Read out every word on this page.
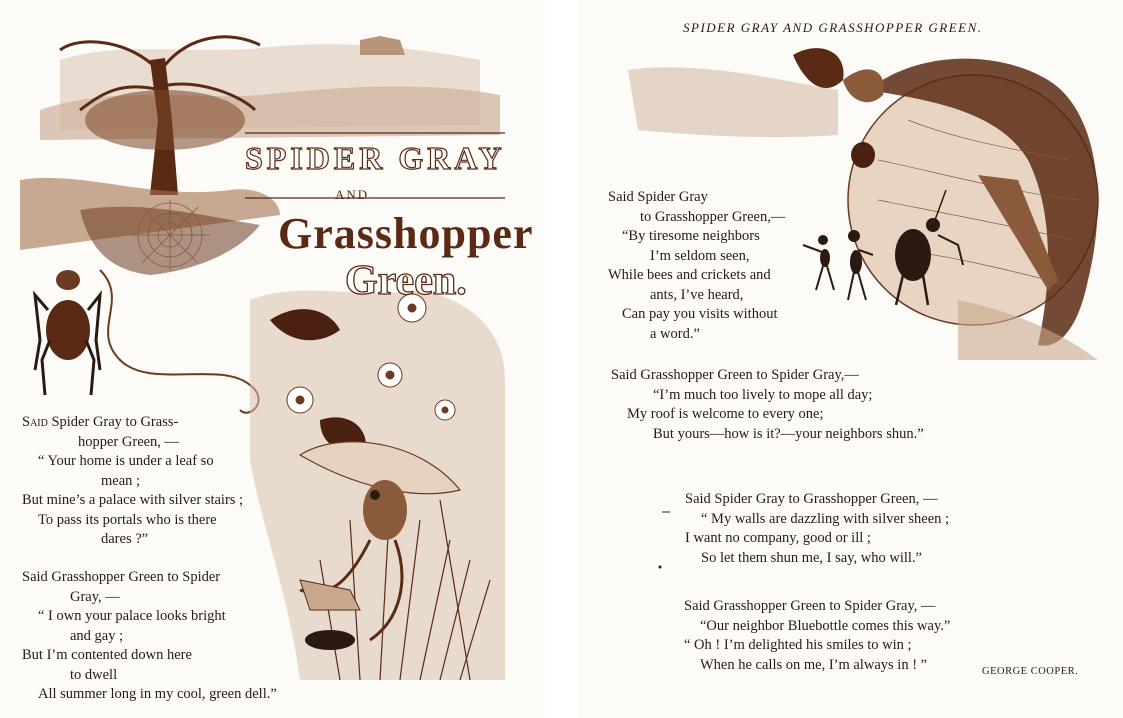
SPIDER GRAY
AND
Grasshopper
Green.
Said Spider Gray to Grass-
hopper Green, —
“ Your home is under a leaf so
mean ;
But mine’s a palace with silver stairs ;
To pass its portals who is there
dares ?”
Said Grasshopper Green to Spider
Gray, —
“ I own your palace looks bright
and gay ;
But I’m contented down here
to dwell
All summer long in my cool, green dell.”
SPIDER GRAY AND GRASSHOPPER GREEN.
Said Spider Gray
to Grasshopper Green,—
“By tiresome neighbors
I’m seldom seen,
While bees and crickets and
ants, I’ve heard,
Can pay you visits without
a word.”
Said Grasshopper Green to Spider Gray,—
“I’m much too lively to mope all day;
My roof is welcome to every one;
But yours—how is it?—your neighbors shun.”
Said Spider Gray to Grasshopper Green, —
“ My walls are dazzling with silver sheen ;
I want no company, good or ill ;
So let them shun me, I say, who will.”
Said Grasshopper Green to Spider Gray, —
“Our neighbor Bluebottle comes this way.”
“ Oh ! I’m delighted his smiles to win ;
When he calls on me, I’m always in ! ”	GEORGE COOPER.
